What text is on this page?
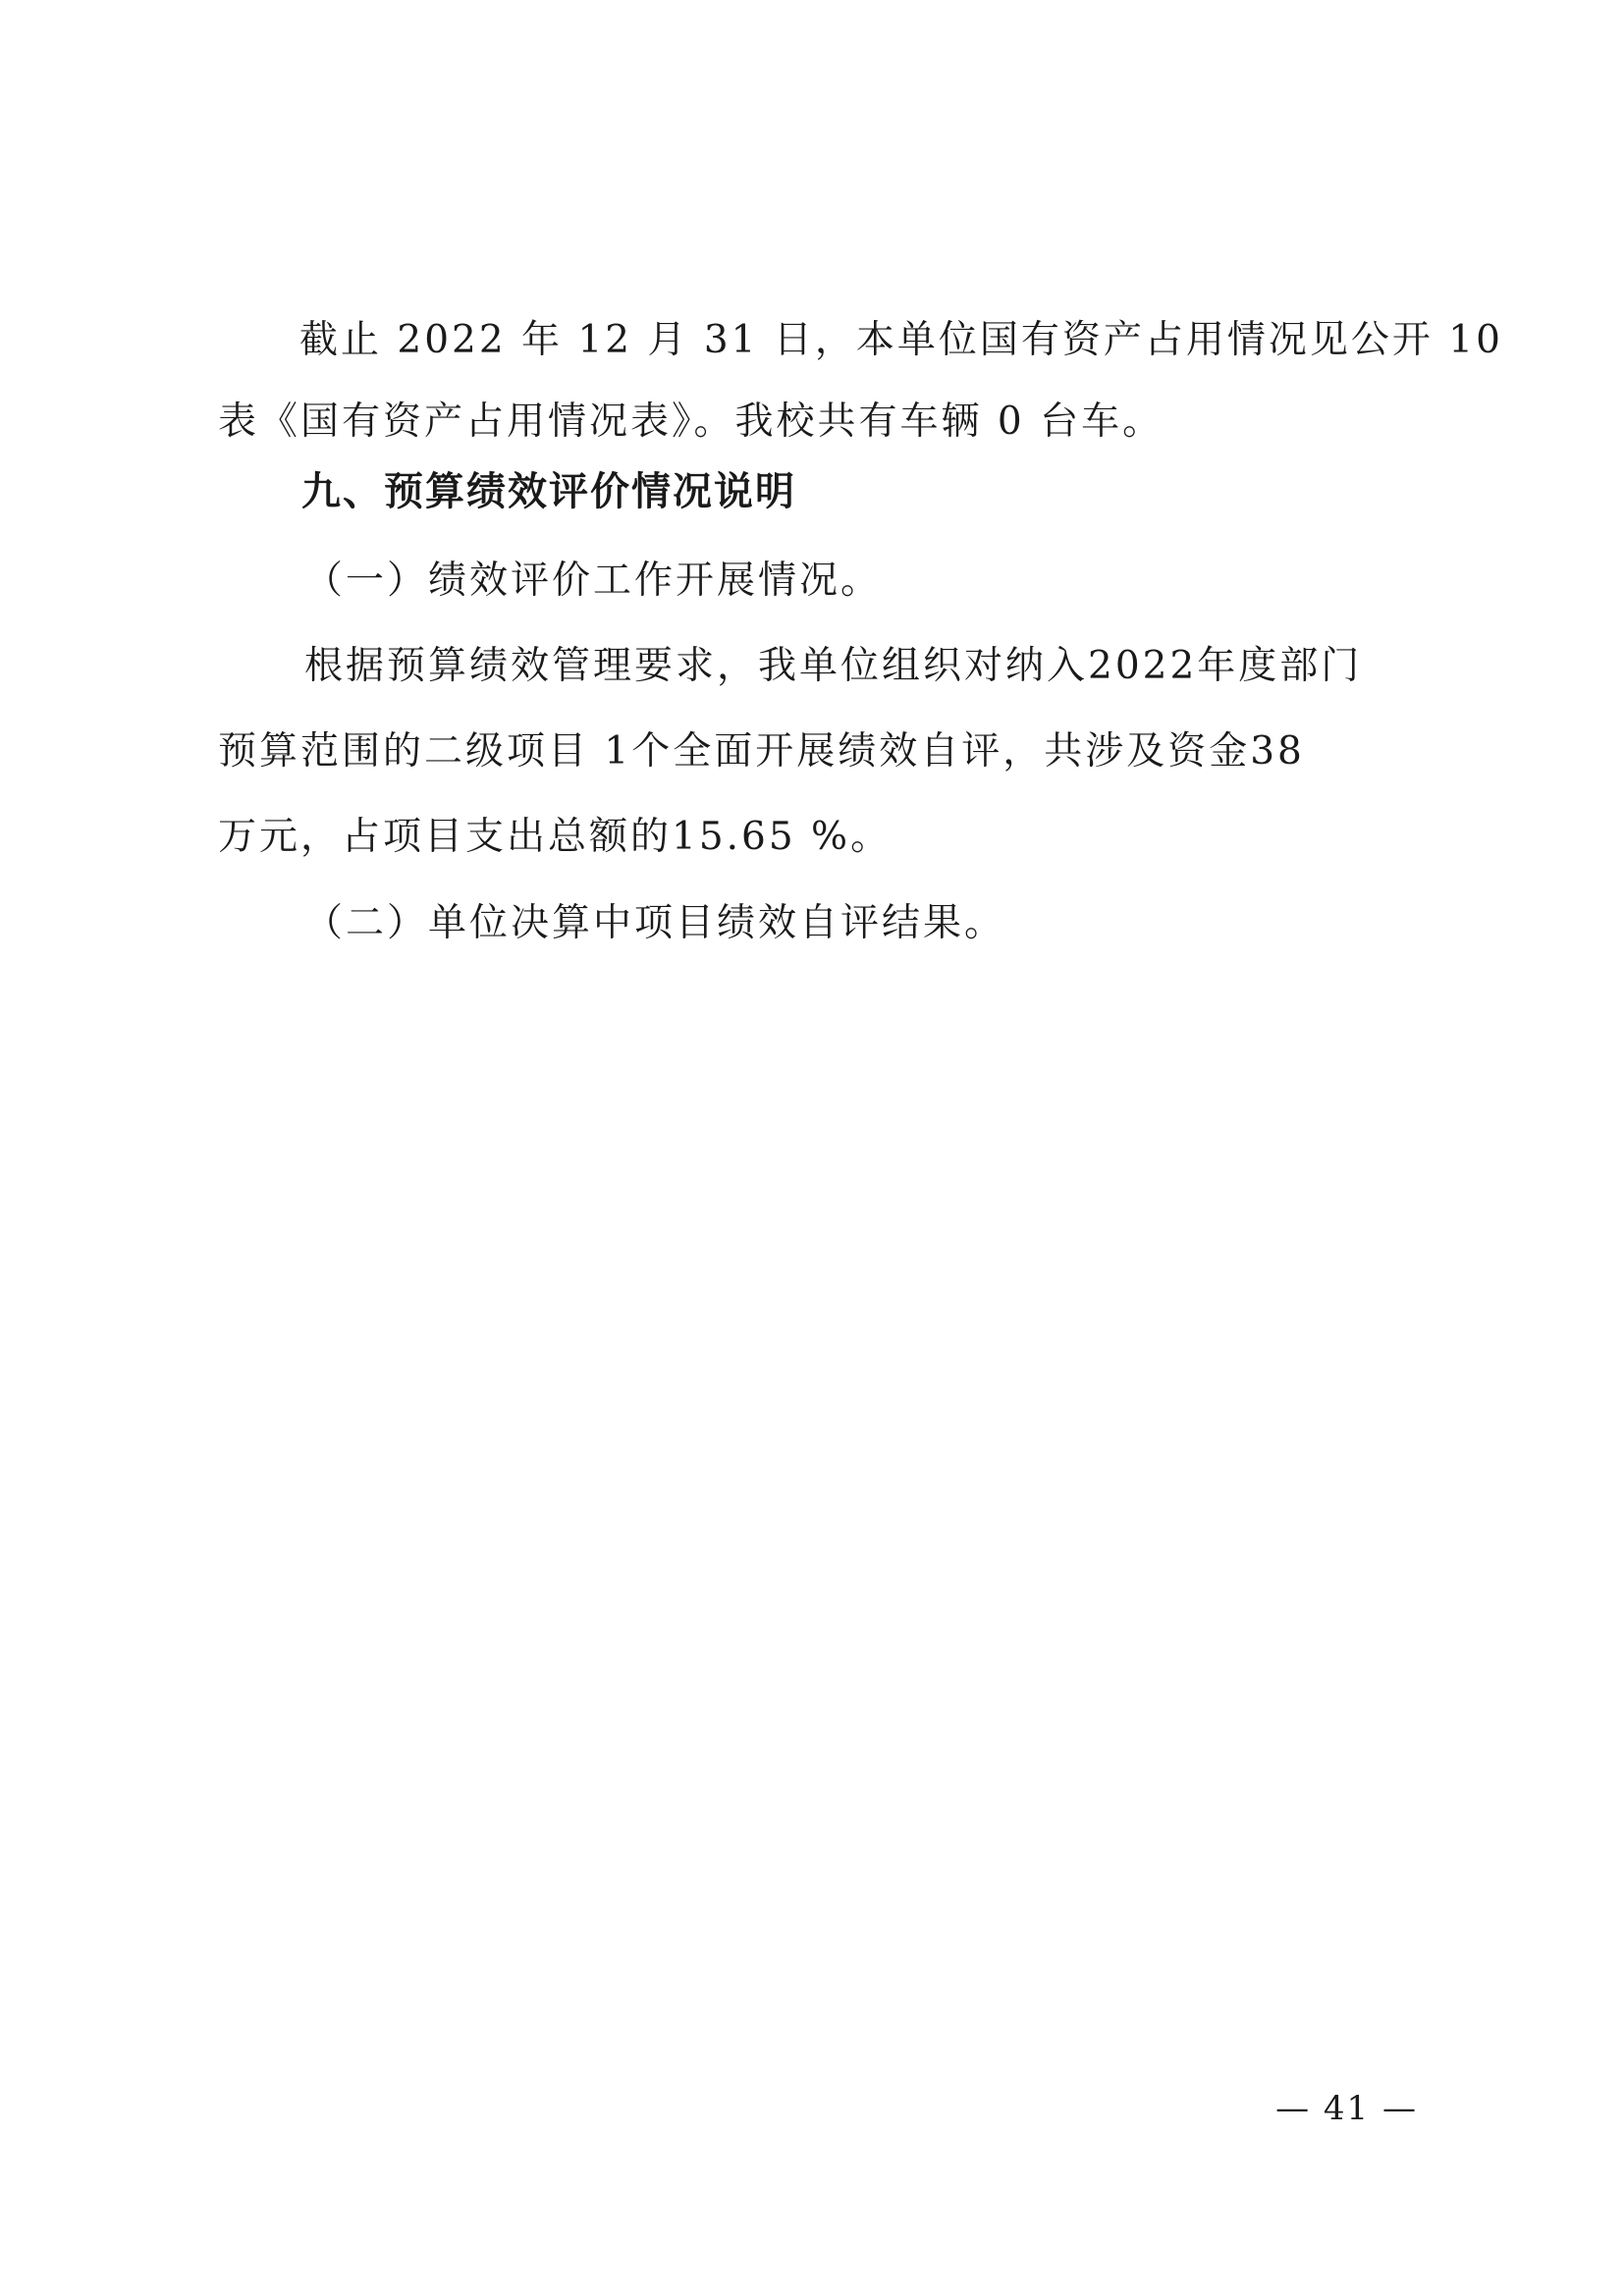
截止 2022 年 12 月 31 日，本单位国有资产占用情况见公开 10
表《国有资产占用情况表》。我校共有车辆 0 台车。
九、预算绩效评价情况说明
（一）绩效评价工作开展情况。
根据预算绩效管理要求，我单位组织对纳入2022年度部门
预算范围的二级项目 1个全面开展绩效自评，共涉及资金38
万元，占项目支出总额的15.65 %。
（二）单位决算中项目绩效自评结果。
— 41 —
